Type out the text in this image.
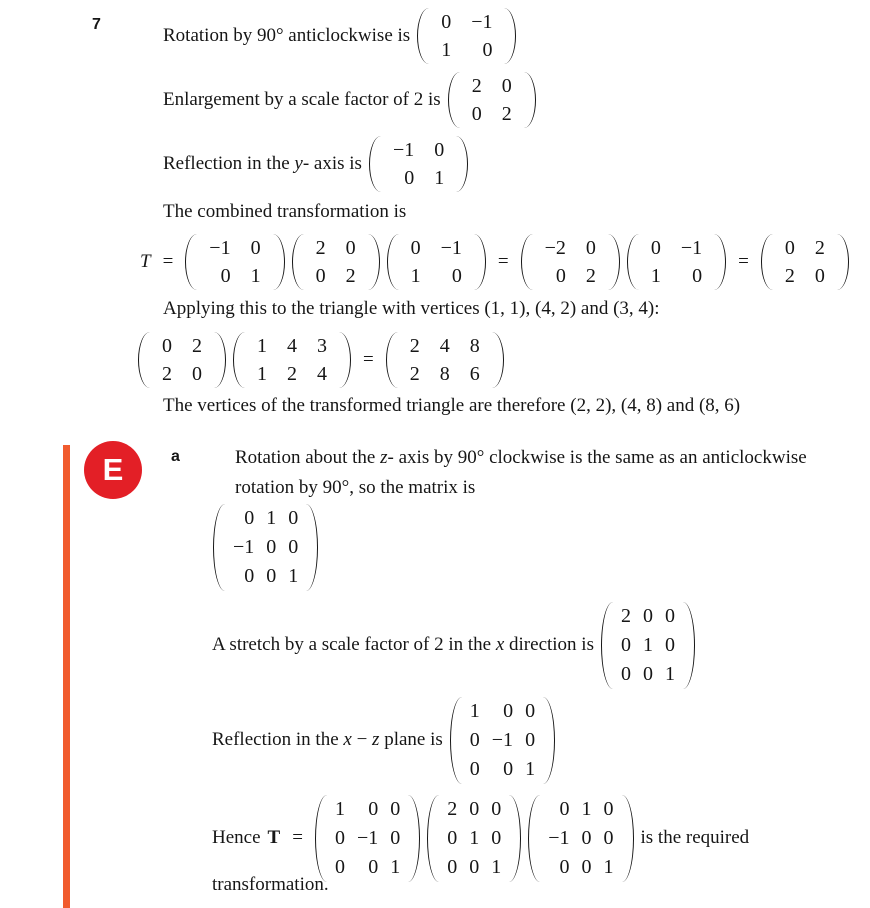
7
Rotation by 90° anticlockwise is
0	−1
1	0
Enlargement by a scale factor of 2 is
2	0
0	2
Reflection in the y- axis is
−1	0
0	1
The combined transformation is
T =
−1	0
0	1
2	0
0	2
0	−1
1	0
=
−2	0
0	2
0	−1
1	0
=
0	2
2	0
Applying this to the triangle with vertices (1, 1), (4, 2) and (3, 4):
0	2
2	0
1	4	3
1	2	4
=
2	4	8
2	8	6
The vertices of the transformed triangle are therefore (2, 2), (4, 8) and (8, 6)
E	a	Rotation about the z- axis by 90° clockwise is the same as an anticlockwise
rotation by 90°, so the matrix is
0	1	0
−1	0	0
0	0	1
A stretch by a scale factor of 2 in the x direction is
2	0	0
0	1	0
0	0	1
Reflection in the x − z plane is
1	0	0
0	−1	0
0	0	1
Hence T =
1	0	0
0	−1	0
0	0	1
2	0	0
0	1	0
0	0	1
0	1	0
−1	0	0
0	0	1
is the required
transformation.
